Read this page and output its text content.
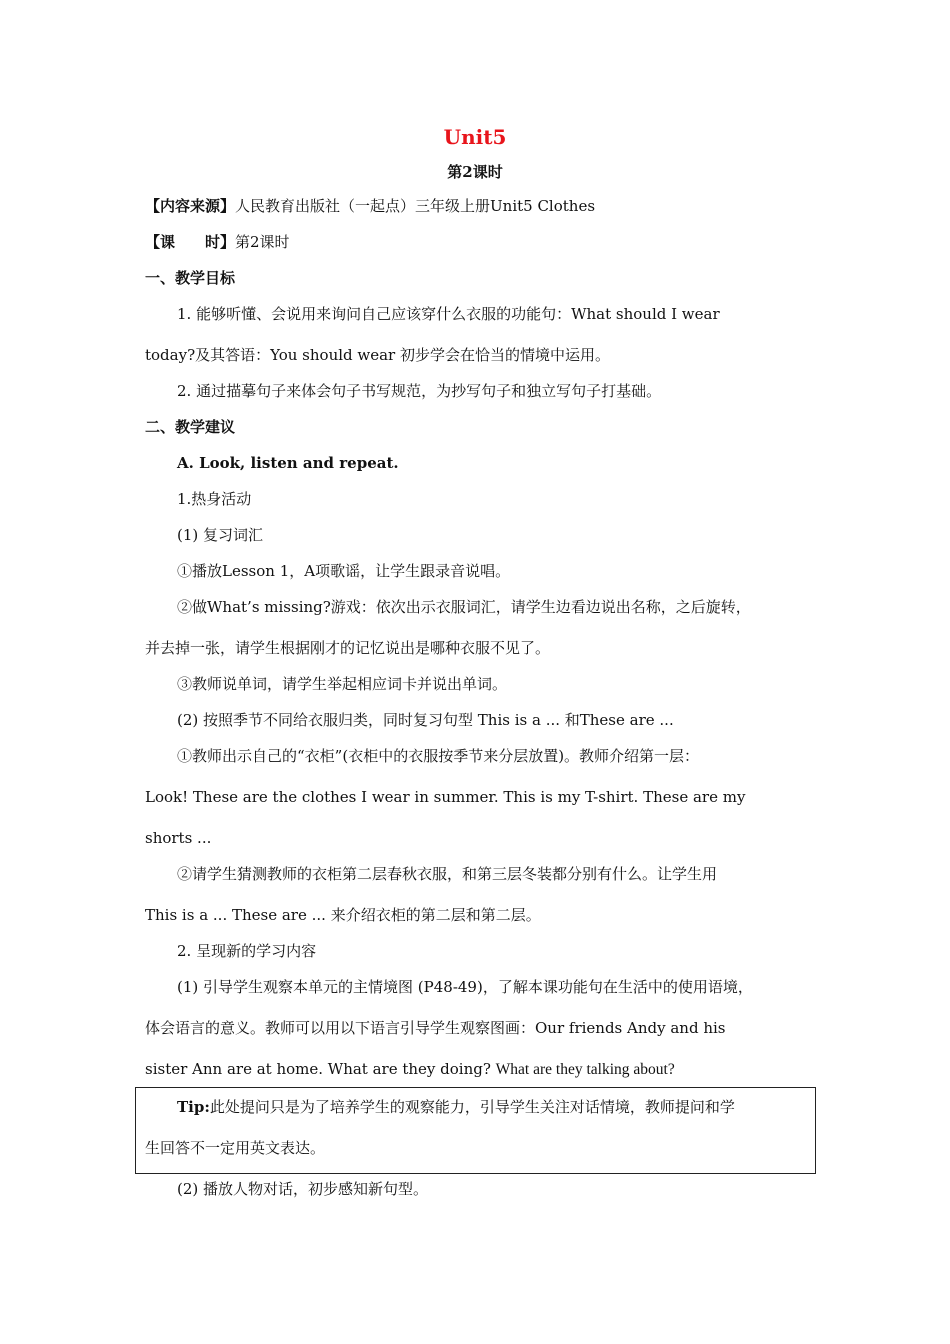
Unit5
第2课时
【内容来源】人民教育出版社（一起点）三年级上册Unit5 Clothes
【课　　时】第2课时
一、教学目标
1. 能够听懂、会说用来询问自己应该穿什么衣服的功能句：What should I wear
today?及其答语：You should wear 初步学会在恰当的情境中运用。
2. 通过描摹句子来体会句子书写规范，为抄写句子和独立写句子打基础。
二、教学建议
A. Look, listen and repeat.
1.热身活动
(1) 复习词汇
①播放Lesson 1，A项歌谣，让学生跟录音说唱。
②做What’s missing?游戏：依次出示衣服词汇，请学生边看边说出名称，之后旋转，
并去掉一张，请学生根据刚才的记忆说出是哪种衣服不见了。
③教师说单词，请学生举起相应词卡并说出单词。
(2) 按照季节不同给衣服归类，同时复习句型 This is a ... 和These are ...
①教师出示自己的“衣柜”(衣柜中的衣服按季节来分层放置)。教师介绍第一层：
Look! These are the clothes I wear in summer. This is my T-shirt. These are my
shorts ...
②请学生猜测教师的衣柜第二层春秋衣服，和第三层冬装都分别有什么。让学生用
This is a ... These are ... 来介绍衣柜的第二层和第二层。
2. 呈现新的学习内容
(1) 引导学生观察本单元的主情境图 (P48-49)，了解本课功能句在生活中的使用语境，
体会语言的意义。教师可以用以下语言引导学生观察图画：Our friends Andy and his
sister Ann are at home. What are they doing? What are they talking about?
Tip:此处提问只是为了培养学生的观察能力，引导学生关注对话情境，教师提问和学
生回答不一定用英文表达。
(2) 播放人物对话，初步感知新句型。
